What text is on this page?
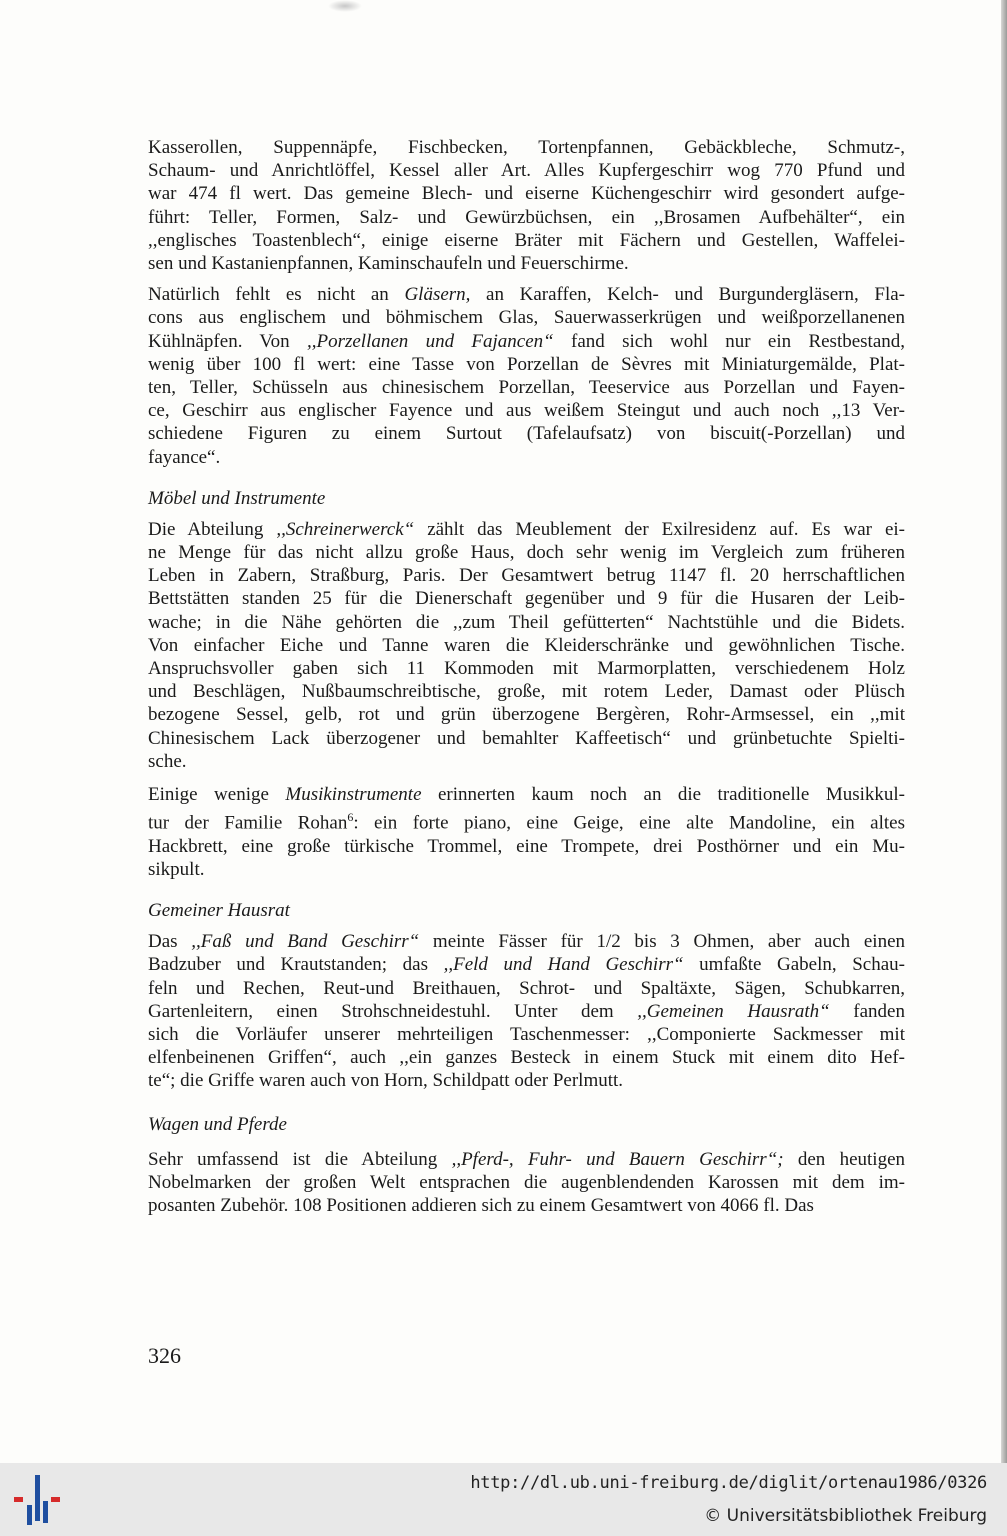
Kasserollen, Suppennäpfe, Fischbecken, Tortenpfannen, Gebäckbleche, Schmutz-,
Schaum- und Anrichtlöffel, Kessel aller Art. Alles Kupfergeschirr wog 770 Pfund und
war 474 fl wert. Das gemeine Blech- und eiserne Küchengeschirr wird gesondert aufge-
führt: Teller, Formen, Salz- und Gewürzbüchsen, ein ,,Brosamen Aufbehälter“, ein
,,englisches Toastenblech“, einige eiserne Bräter mit Fächern und Gestellen, Waffelei-
sen und Kastanienpfannen, Kaminschaufeln und Feuerschirme.

Natürlich fehlt es nicht an Gläsern, an Karaffen, Kelch- und Burgundergläsern, Fla-
cons aus englischem und böhmischem Glas, Sauerwasserkrügen und weißporzellanenen
Kühlnäpfen. Von ,,Porzellanen und Fajancen“ fand sich wohl nur ein Restbestand,
wenig über 100 fl wert: eine Tasse von Porzellan de Sèvres mit Miniaturgemälde, Plat-
ten, Teller, Schüsseln aus chinesischem Porzellan, Teeservice aus Porzellan und Fayen-
ce, Geschirr aus englischer Fayence und aus weißem Steingut und auch noch ,,13 Ver-
schiedene Figuren zu einem Surtout (Tafelaufsatz) von biscuit(-Porzellan) und
fayance“.

Möbel und Instrumente

Die Abteilung ,,Schreinerwerck“ zählt das Meublement der Exilresidenz auf. Es war ei-
ne Menge für das nicht allzu große Haus, doch sehr wenig im Vergleich zum früheren
Leben in Zabern, Straßburg, Paris. Der Gesamtwert betrug 1147 fl. 20 herrschaftlichen
Bettstätten standen 25 für die Dienerschaft gegenüber und 9 für die Husaren der Leib-
wache; in die Nähe gehörten die ,,zum Theil gefütterten“ Nachtstühle und die Bidets.
Von einfacher Eiche und Tanne waren die Kleiderschränke und gewöhnlichen Tische.
Anspruchsvoller gaben sich 11 Kommoden mit Marmorplatten, verschiedenem Holz
und Beschlägen, Nußbaumschreibtische, große, mit rotem Leder, Damast oder Plüsch
bezogene Sessel, gelb, rot und grün überzogene Bergèren, Rohr-Armsessel, ein ,,mit
Chinesischem Lack überzogener und bemahlter Kaffeetisch“ und grünbetuchte Spielti-
sche.

Einige wenige Musikinstrumente erinnerten kaum noch an die traditionelle Musikkul-
tur der Familie Rohan$^6$: ein forte piano, eine Geige, eine alte Mandoline, ein altes
Hackbrett, eine große türkische Trommel, eine Trompete, drei Posthörner und ein Mu-
sikpult.

Gemeiner Hausrat

Das ,,Faß und Band Geschirr“ meinte Fässer für 1/2 bis 3 Ohmen, aber auch einen
Badzuber und Krautstanden; das ,,Feld und Hand Geschirr“ umfaßte Gabeln, Schau-
feln und Rechen, Reut-und Breithauen, Schrot- und Spaltäxte, Sägen, Schubkarren,
Gartenleitern, einen Strohschneidestuhl. Unter dem ,,Gemeinen Hausrath“ fanden
sich die Vorläufer unserer mehrteiligen Taschenmesser: ,,Componierte Sackmesser mit
elfenbeinenen Griffen“, auch ,,ein ganzes Besteck in einem Stuck mit einem dito Hef-
te“; die Griffe waren auch von Horn, Schildpatt oder Perlmutt.

Wagen und Pferde

Sehr umfassend ist die Abteilung ,,Pferd-, Fuhr- und Bauern Geschirr“; den heutigen
Nobelmarken der großen Welt entsprachen die augenblendenden Karossen mit dem im-
posanten Zubehör. 108 Positionen addieren sich zu einem Gesamtwert von 4066 fl. Das

326
http://dl.ub.uni-freiburg.de/diglit/ortenau1986/0326
© Universitätsbibliothek Freiburg
